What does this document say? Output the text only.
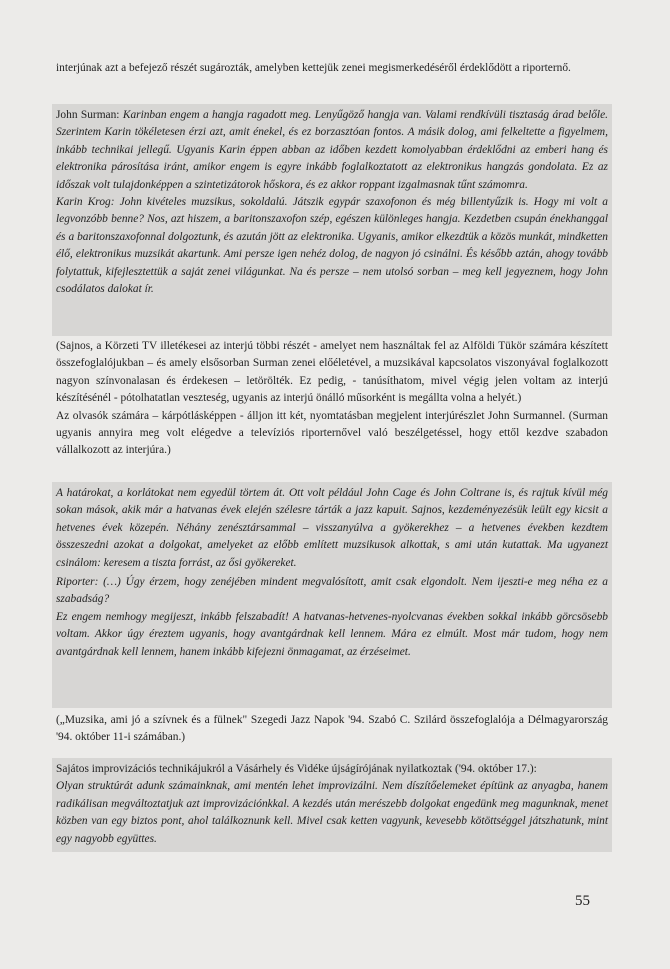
interjúnak azt a befejező részét sugározták, amelyben kettejük zenei megismerkedéséről érdeklődött a riporternő.

John Surman: Karinban engem a hangja ragadott meg. Lenyűgöző hangja van. Valami rendkívüli tisztaság árad belőle. Szerintem Karin tökéletesen érzi azt, amit énekel, és ez borzasztóan fontos. A másik dolog, ami felkeltette a figyelmem, inkább technikai jellegű. Ugyanis Karin éppen abban az időben kezdett komolyabban érdeklődni az emberi hang és elektronika párosítása iránt, amikor engem is egyre inkább foglalkoztatott az elektronikus hangzás gondolata. Ez az időszak volt tulajdonképpen a szintetizátorok hőskora, és ez akkor roppant izgalmasnak tűnt számomra.

Karin Krog: John kivételes muzsikus, sokoldalú. Játszik egypár szaxofonon és még billentyűzik is. Hogy mi volt a legvonzóbb benne? Nos, azt hiszem, a baritonszaxofon szép, egészen különleges hangja. Kezdetben csupán énekhanggal és a baritonszaxofonnal dolgoztunk, és azután jött az elektronika. Ugyanis, amikor elkezdtük a közös munkát, mindketten élő, elektronikus muzsikát akartunk. Ami persze igen nehéz dolog, de nagyon jó csinálni. És később aztán, ahogy tovább folytattuk, kifejlesztettük a saját zenei világunkat. Na és persze – nem utolsó sorban – meg kell jegyeznem, hogy John csodálatos dalokat ír.

(Sajnos, a Körzeti TV illetékesei az interjú többi részét - amelyet nem használtak fel az Alföldi Tükör számára készített összefoglalójukban – és amely elsősorban Surman zenei előéletével, a muzsikával kapcsolatos viszonyával foglalkozott nagyon színvonalasan és érdekesen – letörölték. Ez pedig, - tanúsíthatom, mivel végig jelen voltam az interjú készítésénél - pótolhatatlan veszteség, ugyanis az interjú önálló műsorként is megállta volna a helyét.)

Az olvasók számára – kárpótlásképpen - álljon itt két, nyomtatásban megjelent interjúrészlet John Surmannel. (Surman ugyanis annyira meg volt elégedve a televíziós riporternővel való beszélgetéssel, hogy ettől kezdve szabadon vállalkozott az interjúra.)

A határokat, a korlátokat nem egyedül törtem át. Ott volt például John Cage és John Coltrane is, és rajtuk kívül még sokan mások, akik már a hatvanas évek elején szélesre tárták a jazz kapuit. Sajnos, kezdeményezésük leült egy kicsit a hetvenes évek közepén. Néhány zenésztársammal – visszanyúlva a gyökerekhez – a hetvenes években kezdtem összeszedni azokat a dolgokat, amelyeket az előbb említett muzsikusok alkottak, s ami után kutattak. Ma ugyanezt csinálom: keresem a tiszta forrást, az ősi gyökereket.

Riporter: (…) Úgy érzem, hogy zenéjében mindent megvalósított, amit csak elgondolt. Nem ijeszti-e meg néha ez a szabadság?

Ez engem nemhogy megijeszt, inkább felszabadít! A hatvanas-hetvenes-nyolcvanas években sokkal inkább görcsösebb voltam. Akkor úgy éreztem ugyanis, hogy avantgárdnak kell lennem. Mára ez elmúlt. Most már tudom, hogy nem avantgárdnak kell lennem, hanem inkább kifejezni önmagamat, az érzéseimet.

(„Muzsika, ami jó a szívnek és a fülnek" Szegedi Jazz Napok '94. Szabó C. Szilárd összefoglalója a Délmagyarország '94. október 11-i számában.)

Sajátos improvizációs technikájukról a Vásárhely és Vidéke újságírójának nyilatkoztak ('94. október 17.):

Olyan struktúrát adunk számainknak, ami mentén lehet improvizálni. Nem díszítőelemeket építünk az anyagba, hanem radikálisan megváltoztatjuk azt improvizációnkkal. A kezdés után merészebb dolgokat engedünk meg magunknak, menet közben van egy biztos pont, ahol találkoznunk kell. Mivel csak ketten vagyunk, kevesebb kötöttséggel játszhatunk, mint egy nagyobb együttes.

55
